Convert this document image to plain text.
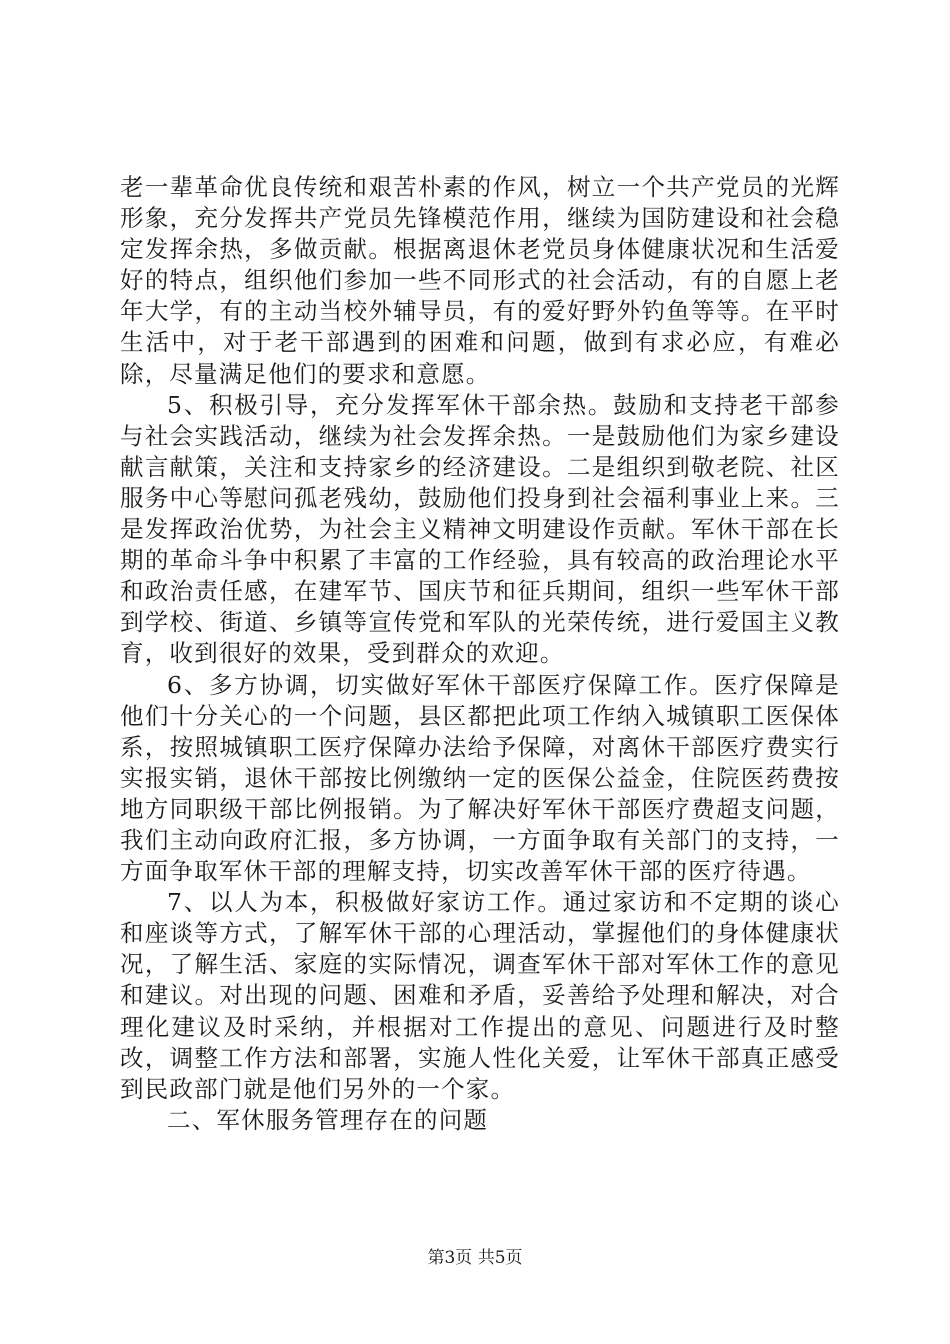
老一辈革命优良传统和艰苦朴素的作风，树立一个共产党员的光辉形象，充分发挥共产党员先锋模范作用，继续为国防建设和社会稳定发挥余热，多做贡献。根据离退休老党员身体健康状况和生活爱好的特点，组织他们参加一些不同形式的社会活动，有的自愿上老年大学，有的主动当校外辅导员，有的爱好野外钓鱼等等。在平时生活中，对于老干部遇到的困难和问题，做到有求必应，有难必除，尽量满足他们的要求和意愿。

5、积极引导，充分发挥军休干部余热。鼓励和支持老干部参与社会实践活动，继续为社会发挥余热。一是鼓励他们为家乡建设献言献策，关注和支持家乡的经济建设。二是组织到敬老院、社区服务中心等慰问孤老残幼，鼓励他们投身到社会福利事业上来。三是发挥政治优势，为社会主义精神文明建设作贡献。军休干部在长期的革命斗争中积累了丰富的工作经验，具有较高的政治理论水平和政治责任感，在建军节、国庆节和征兵期间，组织一些军休干部到学校、街道、乡镇等宣传党和军队的光荣传统，进行爱国主义教育，收到很好的效果，受到群众的欢迎。

6、多方协调，切实做好军休干部医疗保障工作。医疗保障是他们十分关心的一个问题，县区都把此项工作纳入城镇职工医保体系，按照城镇职工医疗保障办法给予保障，对离休干部医疗费实行实报实销，退休干部按比例缴纳一定的医保公益金，住院医药费按地方同职级干部比例报销。为了解决好军休干部医疗费超支问题，我们主动向政府汇报，多方协调，一方面争取有关部门的支持，一方面争取军休干部的理解支持，切实改善军休干部的医疗待遇。

7、以人为本，积极做好家访工作。通过家访和不定期的谈心和座谈等方式，了解军休干部的心理活动，掌握他们的身体健康状况，了解生活、家庭的实际情况，调查军休干部对军休工作的意见和建议。对出现的问题、困难和矛盾，妥善给予处理和解决，对合理化建议及时采纳，并根据对工作提出的意见、问题进行及时整改，调整工作方法和部署，实施人性化关爱，让军休干部真正感受到民政部门就是他们另外的一个家。

二、军休服务管理存在的问题

第3页 共5页
